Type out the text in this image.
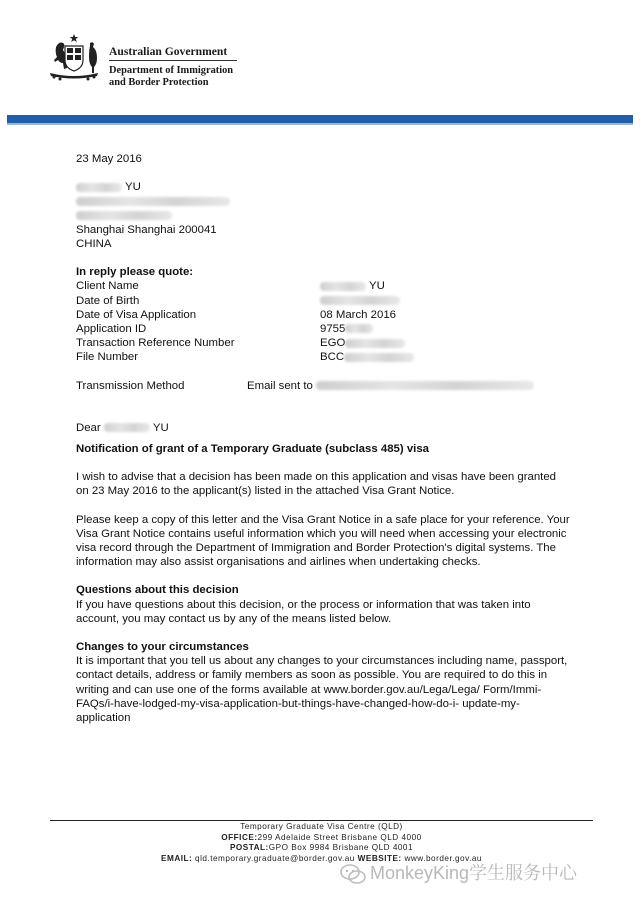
Australian Government
Department of Immigration
and Border Protection
23 May 2016
YU
Shanghai Shanghai 200041
CHINA
In reply please quote:
Client Name	YU
Date of Birth
Date of Visa Application	08 March 2016
Application ID	9755
Transaction Reference Number	EGO
File Number	BCC
Transmission Method	Email sent to
Dear	YU
Notification of grant of a Temporary Graduate (subclass 485) visa
I wish to advise that a decision has been made on this application and visas have been granted on 23 May 2016 to the applicant(s) listed in the attached Visa Grant Notice.
Please keep a copy of this letter and the Visa Grant Notice in a safe place for your reference. Your Visa Grant Notice contains useful information which you will need when accessing your electronic visa record through the Department of Immigration and Border Protection's digital systems. The information may also assist organisations and airlines when undertaking checks.
Questions about this decision
If you have questions about this decision, or the process or information that was taken into account, you may contact us by any of the means listed below.
Changes to your circumstances
It is important that you tell us about any changes to your circumstances including name, passport, contact details, address or family members as soon as possible. You are required to do this in writing and can use one of the forms available at www.border.gov.au/Lega/Lega/ Form/Immi-FAQs/i-have-lodged-my-visa-application-but-things-have-changed-how-do-i- update-my-application
Temporary Graduate Visa Centre (QLD)
OFFICE:299 Adelaide Street Brisbane QLD 4000
POSTAL:GPO Box 9984 Brisbane QLD 4001
EMAIL: qld.temporary.graduate@border.gov.au WEBSITE: www.border.gov.au
MonkeyKing学生服务中心
